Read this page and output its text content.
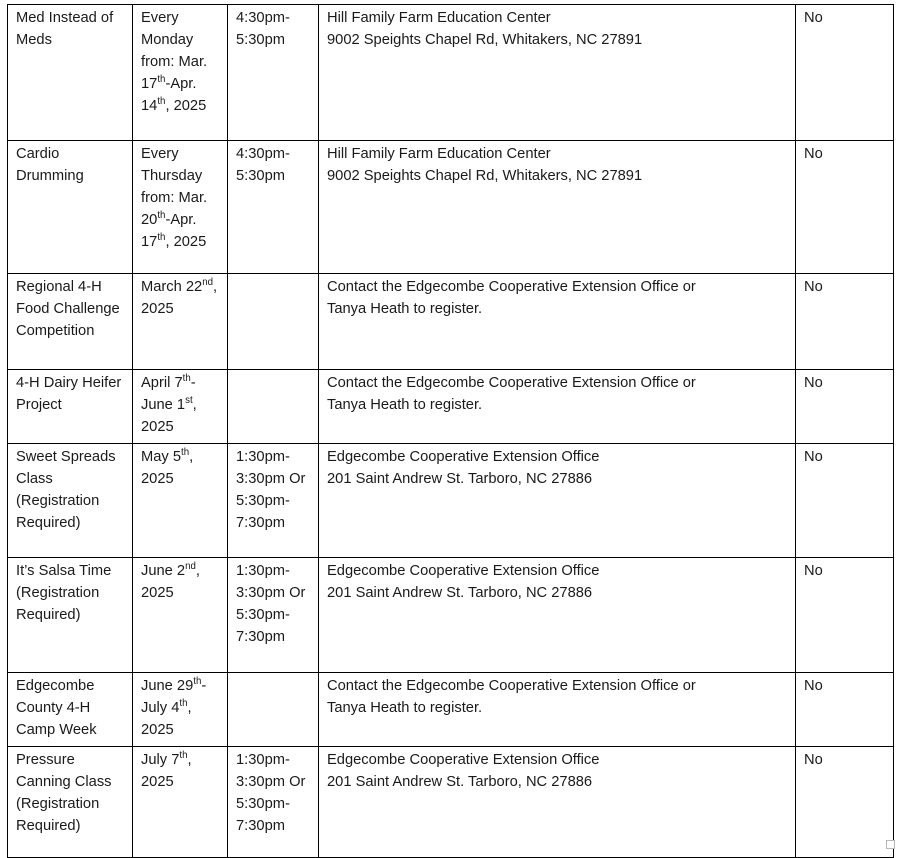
Med Instead of Meds	Every Monday from: Mar. 17th-Apr. 14th, 2025	4:30pm-5:30pm	Hill Family Farm Education Center
9002 Speights Chapel Rd, Whitakers, NC 27891	No
Cardio Drumming	Every Thursday from: Mar. 20th-Apr. 17th, 2025	4:30pm-5:30pm	Hill Family Farm Education Center
9002 Speights Chapel Rd, Whitakers, NC 27891	No
Regional 4-H Food Challenge Competition	March 22nd, 2025		Contact the Edgecombe Cooperative Extension Office or
Tanya Heath to register.	No
4-H Dairy Heifer Project	April 7th-June 1st, 2025		Contact the Edgecombe Cooperative Extension Office or
Tanya Heath to register.	No
Sweet Spreads Class (Registration Required)	May 5th, 2025	1:30pm-3:30pm Or 5:30pm-7:30pm	Edgecombe Cooperative Extension Office
201 Saint Andrew St. Tarboro, NC 27886	No
It’s Salsa Time (Registration Required)	June 2nd, 2025	1:30pm-3:30pm Or 5:30pm-7:30pm	Edgecombe Cooperative Extension Office
201 Saint Andrew St. Tarboro, NC 27886	No
Edgecombe County 4-H Camp Week	June 29th-July 4th, 2025		Contact the Edgecombe Cooperative Extension Office or
Tanya Heath to register.	No
Pressure Canning Class (Registration Required)	July 7th, 2025	1:30pm-3:30pm Or 5:30pm-7:30pm	Edgecombe Cooperative Extension Office
201 Saint Andrew St. Tarboro, NC 27886	No
